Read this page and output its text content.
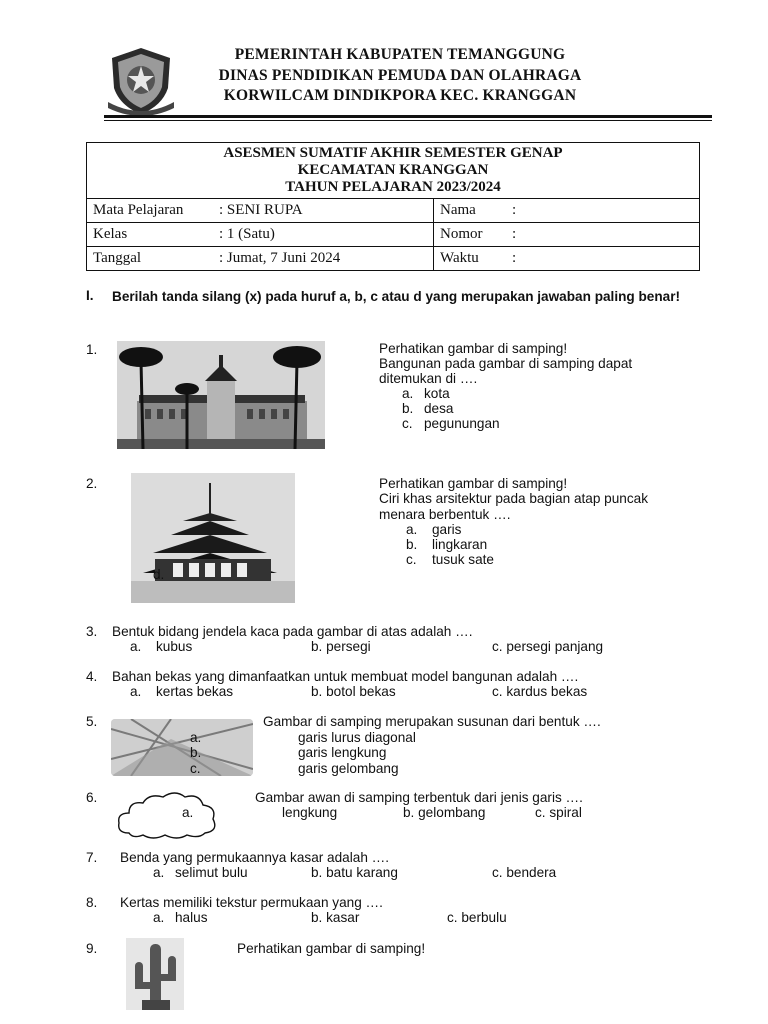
PEMERINTAH KABUPATEN TEMANGGUNG
DINAS PENDIDIKAN PEMUDA DAN OLAHRAGA
KORWILCAM DINDIKPORA KEC. KRANGGAN
ASESMEN SUMATIF AKHIR SEMESTER GENAP
KECAMATAN KRANGGAN
TAHUN PELAJARAN 2023/2024	

Mata Pelajaran : SENI RUPA	Nama :
Kelas : 1 (Satu)	Nomor :
Tanggal : Jumat, 7 Juni 2024	Waktu :
I. Berilah tanda silang (x) pada huruf a, b, c atau d yang merupakan jawaban paling benar!
1.	Perhatikan gambar di samping!
Bangunan pada gambar di samping dapat
ditemukan di ….
a. kota
b. desa
c. pegunungan
2.
d.
Perhatikan gambar di samping!
Ciri khas arsitektur pada bagian atap puncak
menara berbentuk ….
a. garis
b. lingkaran
c. tusuk sate
3. Bentuk bidang jendela kaca pada gambar di atas adalah ….
a. kubus	b. persegi	c. persegi panjang
4. Bahan bekas yang dimanfaatkan untuk membuat model bangunan adalah ….
a. kertas bekas	b. botol bekas	c. kardus bekas
5.	Gambar di samping merupakan susunan dari bentuk ….
a.	garis lurus diagonal
b.	garis lengkung
c.	garis gelombang
6.	Gambar awan di samping terbentuk dari jenis garis ….
a.	lengkung	b. gelombang	c. spiral
7. Benda yang permukaannya kasar adalah ….
a. selimut bulu	b. batu karang	c. bendera
8. Kertas memiliki tekstur permukaan yang ….
a. halus	b. kasar	c. berbulu
9.	Perhatikan gambar di samping!
